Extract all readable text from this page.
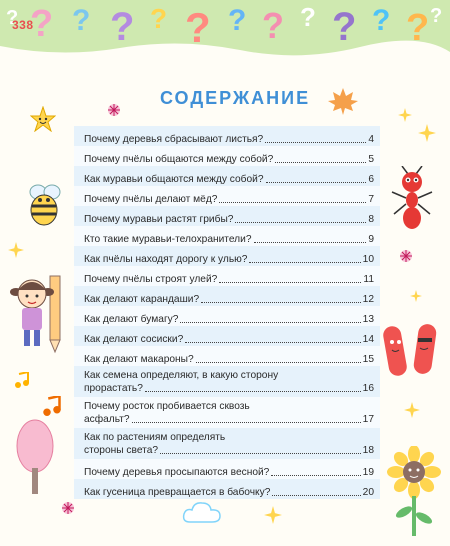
? ? ? ? ? ? ? ? ? ? ?
?	?
338
СОДЕРЖАНИЕ
Почему деревья сбрасывают листья?	4
Почему пчёлы общаются между собой?	5
Как муравьи общаются между собой?	6
Почему пчёлы делают мёд?	7
Почему муравьи растят грибы?	8
Кто такие муравьи-телохранители?	9
Как пчёлы находят дорогу к улью?	10
Почему пчёлы строят улей?	11
Как делают карандаши?	12
Как делают бумагу?	13
Как делают сосиски?	14
Как делают макароны?	15
Как семена определяют, в какую сторону
прорастать?	16
Почему росток пробивается сквозь
асфальт?	17
Как по растениям определять
стороны света?	18
Почему деревья просыпаются весной?	19
Как гусеница превращается в бабочку?	20
